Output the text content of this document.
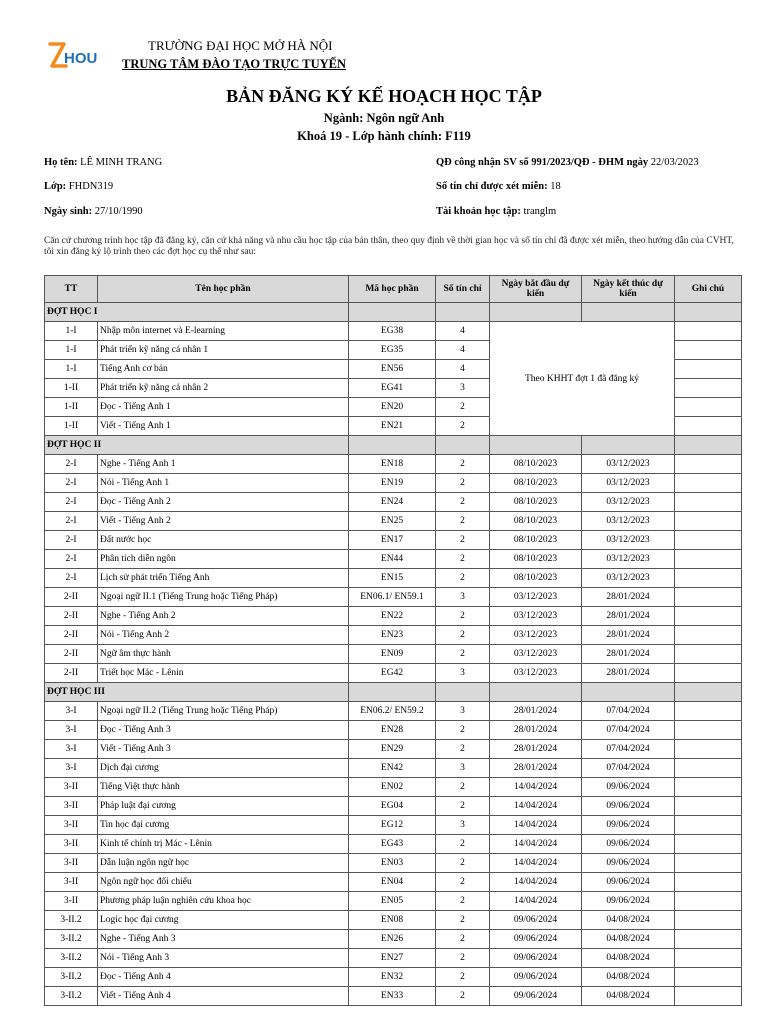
HOU
TRƯỜNG ĐẠI HỌC MỞ HÀ NỘI
TRUNG TÂM ĐÀO TẠO TRỰC TUYẾN
BẢN ĐĂNG KÝ KẾ HOẠCH HỌC TẬP
Ngành: Ngôn ngữ Anh
Khoá 19 - Lớp hành chính: F119
Họ tên: LÊ MINH TRANG
Lớp: FHDN319
Ngày sinh: 27/10/1990
QĐ công nhận SV số 991/2023/QĐ - ĐHM ngày 22/03/2023
Số tín chỉ được xét miễn: 18
Tài khoản học tập: tranglm
Căn cứ chương trình học tập đã đăng ký, căn cứ khả năng và nhu cầu học tập của bản thân, theo quy định về thời gian học và số tín chỉ đã được xét miễn, theo hướng dẫn của CVHT, tôi xin đăng ký lộ trình theo các đợt học cụ thể như sau:
TT	Tên học phần	Mã học phần	Số tín chỉ	Ngày bắt đầu dự kiến	Ngày kết thúc dự kiến	Ghi chú
ĐỢT HỌC I						
1-I	Nhập môn internet và E-learning	EG38	4	Theo KHHT đợt 1 đã đăng ký		
1-I	Phát triển kỹ năng cá nhân 1	EG35	4			
1-I	Tiếng Anh cơ bản	EN56	4			
1-II	Phát triển kỹ năng cá nhân 2	EG41	3			
1-II	Đọc - Tiếng Anh 1	EN20	2			
1-II	Viết - Tiếng Anh 1	EN21	2			
ĐỢT HỌC II						
2-I	Nghe - Tiếng Anh 1	EN18	2	08/10/2023	03/12/2023	
2-I	Nói - Tiếng Anh 1	EN19	2	08/10/2023	03/12/2023	
2-I	Đọc - Tiếng Anh 2	EN24	2	08/10/2023	03/12/2023	
2-I	Viết - Tiếng Anh 2	EN25	2	08/10/2023	03/12/2023	
2-I	Đất nước học	EN17	2	08/10/2023	03/12/2023	
2-I	Phân tích diễn ngôn	EN44	2	08/10/2023	03/12/2023	
2-I	Lịch sử phát triển Tiếng Anh	EN15	2	08/10/2023	03/12/2023	
2-II	Ngoại ngữ II.1 (Tiếng Trung hoặc Tiếng Pháp)	EN06.1/ EN59.1	3	03/12/2023	28/01/2024	
2-II	Nghe - Tiếng Anh 2	EN22	2	03/12/2023	28/01/2024	
2-II	Nói - Tiếng Anh 2	EN23	2	03/12/2023	28/01/2024	
2-II	Ngữ âm thực hành	EN09	2	03/12/2023	28/01/2024	
2-II	Triết học Mác - Lênin	EG42	3	03/12/2023	28/01/2024	
ĐỢT HỌC III						
3-I	Ngoại ngữ II.2 (Tiếng Trung hoặc Tiếng Pháp)	EN06.2/ EN59.2	3	28/01/2024	07/04/2024	
3-I	Đọc - Tiếng Anh 3	EN28	2	28/01/2024	07/04/2024	
3-I	Viết - Tiếng Anh 3	EN29	2	28/01/2024	07/04/2024	
3-I	Dịch đại cương	EN42	3	28/01/2024	07/04/2024	
3-II	Tiếng Việt thực hành	EN02	2	14/04/2024	09/06/2024	
3-II	Pháp luật đại cương	EG04	2	14/04/2024	09/06/2024	
3-II	Tin học đại cương	EG12	3	14/04/2024	09/06/2024	
3-II	Kinh tế chính trị Mác - Lênin	EG43	2	14/04/2024	09/06/2024	
3-II	Dẫn luận ngôn ngữ học	EN03	2	14/04/2024	09/06/2024	
3-II	Ngôn ngữ học đối chiếu	EN04	2	14/04/2024	09/06/2024	
3-II	Phương pháp luận nghiên cứu khoa học	EN05	2	14/04/2024	09/06/2024	
3-II.2	Logic học đại cương	EN08	2	09/06/2024	04/08/2024	
3-II.2	Nghe - Tiếng Anh 3	EN26	2	09/06/2024	04/08/2024	
3-II.2	Nói - Tiếng Anh 3	EN27	2	09/06/2024	04/08/2024	
3-II.2	Đọc - Tiếng Anh 4	EN32	2	09/06/2024	04/08/2024	
3-II.2	Viết - Tiếng Anh 4	EN33	2	09/06/2024	04/08/2024	
